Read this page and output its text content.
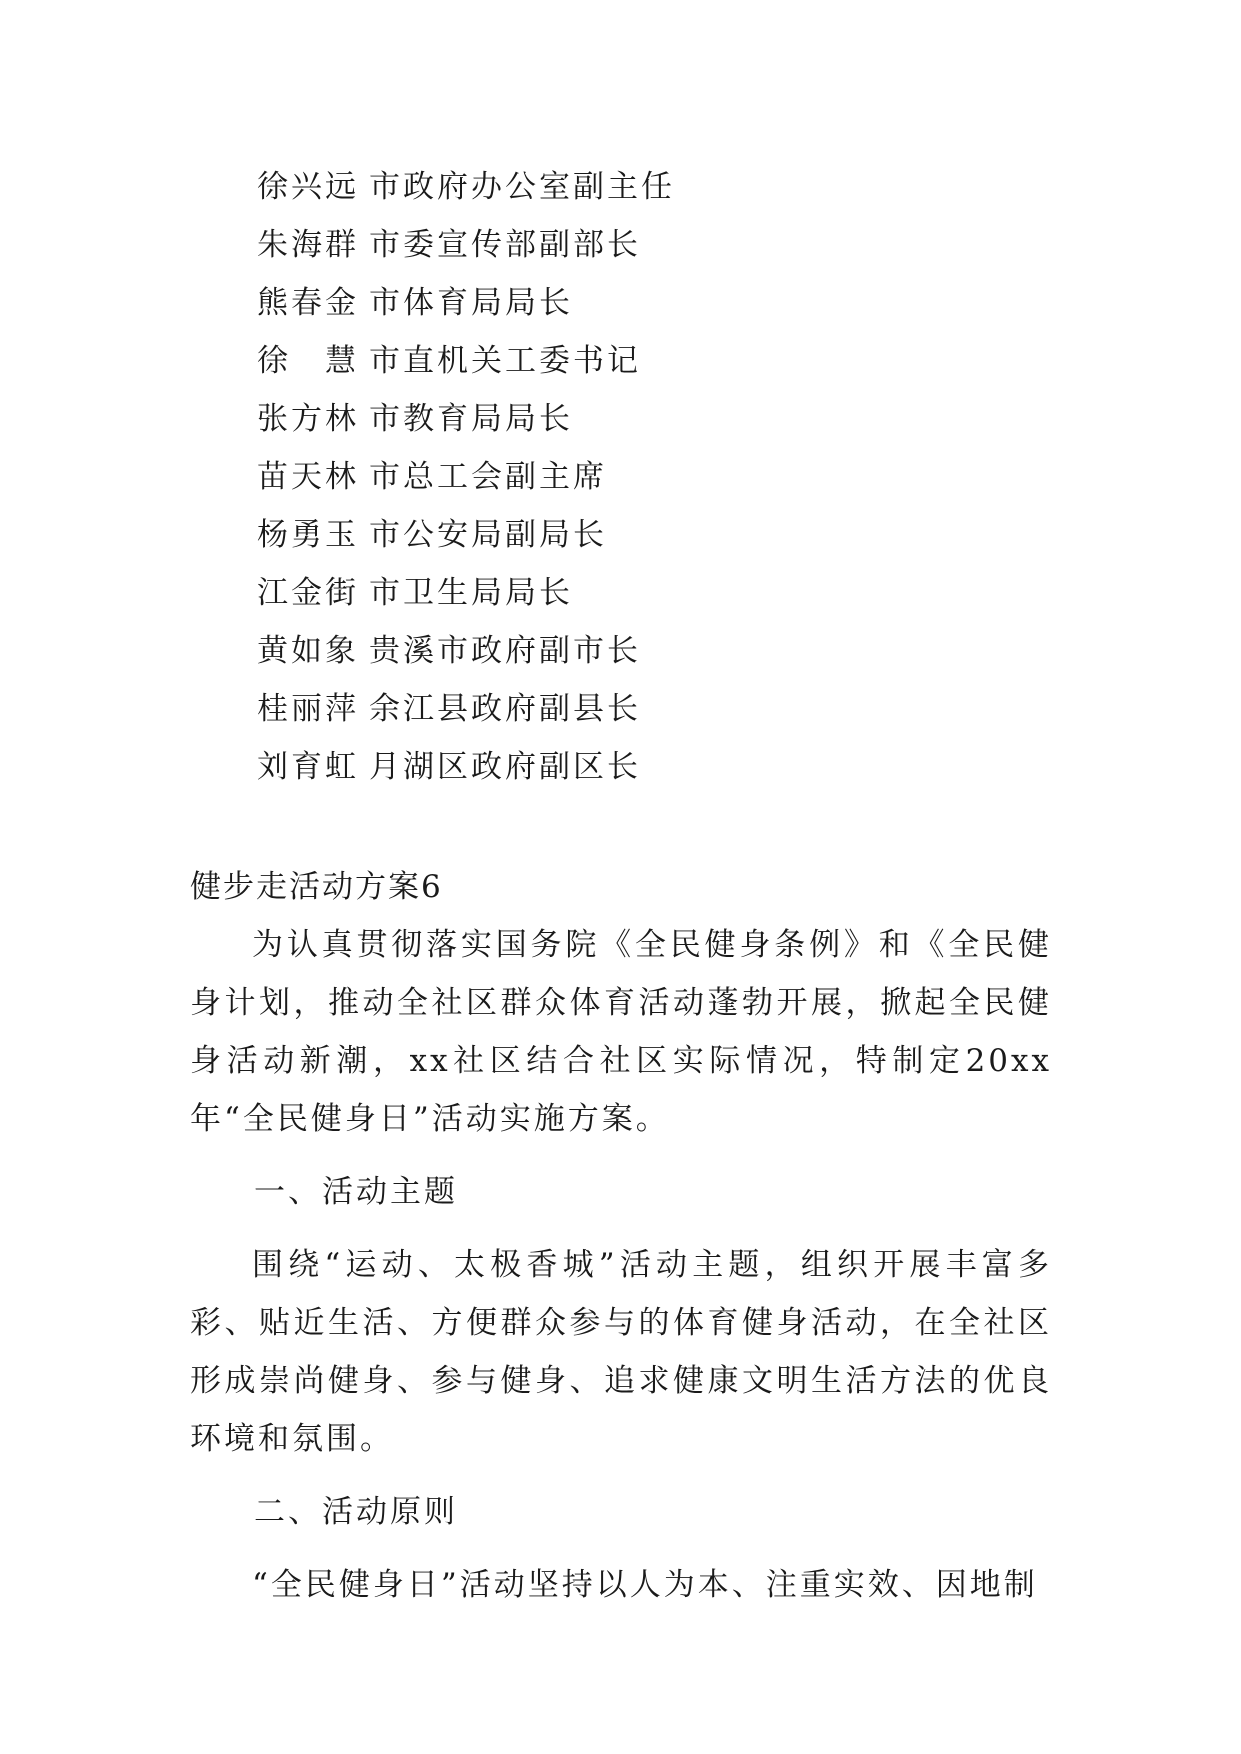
徐兴远 市政府办公室副主任
朱海群 市委宣传部副部长
熊春金 市体育局局长
徐　慧 市直机关工委书记
张方林 市教育局局长
苗天林 市总工会副主席
杨勇玉 市公安局副局长
江金街 市卫生局局长
黄如象 贵溪市政府副市长
桂丽萍 余江县政府副县长
刘育虹 月湖区政府副区长
健步走活动方案6

为认真贯彻落实国务院《全民健身条例》和《全民健身计划，推动全社区群众体育活动蓬勃开展，掀起全民健身活动新潮，xx社区结合社区实际情况，特制定20xx年“全民健身日”活动实施方案。

一、活动主题

围绕“运动、太极香城”活动主题，组织开展丰富多彩、贴近生活、方便群众参与的体育健身活动，在全社区形成崇尚健身、参与健身、追求健康文明生活方法的优良环境和氛围。

二、活动原则

“全民健身日”活动坚持以人为本、注重实效、因地制
